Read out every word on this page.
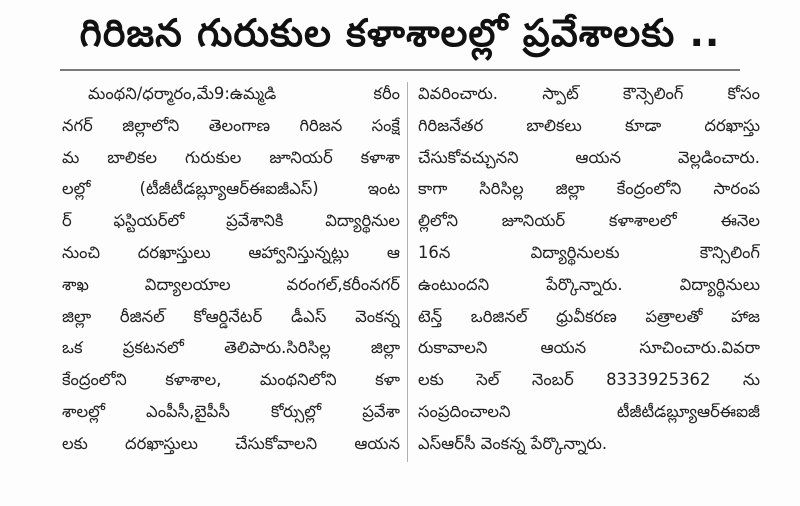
గిరిజన గురుకుల కళాశాలల్లో ప్రవేశాలకు ..
మంథని/ధర్మారం,మే9:ఉమ్మడి కరీం
నగర్ జిల్లాలోని తెలంగాణ గిరిజన సంక్షే
మ బాలికల గురుకుల జూనియర్ కళాశా
లల్లో (టీజీటీడబ్ల్యూఆర్ఈఐజీఎస్) ఇంట
ర్ ఫస్టియర్‌లో ప్రవేశానికి విద్యార్థినుల
నుంచి దరఖాస్తులు ఆహ్వానిస్తున్నట్లు ఆ
శాఖ విద్యాలయాల వరంగల్,కరీంనగర్
జిల్లా రీజినల్ కోఆర్డినేటర్ డీఎస్ వెంకన్న
ఒక ప్రకటనలో తెలిపారు.సిరిసిల్ల జిల్లా
కేంద్రంలోని కళాశాల, మంథనిలోని కళా
శాలల్లో ఎంపీసీ,బైపీసీ కోర్సుల్లో ప్రవేశా
లకు దరఖాస్తులు చేసుకోవాలని ఆయన
వివరించారు. స్పాట్ కౌన్సెలింగ్ కోసం
గిరిజనేతర బాలికలు కూడా దరఖాస్తు
చేసుకోవచ్చునని ఆయన వెల్లడించారు.
కాగా సిరిసిల్ల జిల్లా కేంద్రంలోని సారంప
ల్లిలోని జూనియర్ కళాశాలలో ఈనెల
16న విద్యార్థినులకు కౌన్సిలింగ్
ఉంటుందని పేర్కొన్నారు. విద్యార్థినులు
టెన్త్ ఒరిజినల్ ధ్రువీకరణ పత్రాలతో హాజ
రుకావాలని ఆయన సూచించారు.వివరా
లకు సెల్ నెంబర్ 8333925362 ను
సంప్రదించాలని టీజీటీడబ్ల్యూఆర్ఈఐజీ
ఎస్ఆర్‌సీ వెంకన్న పేర్కొన్నారు.
